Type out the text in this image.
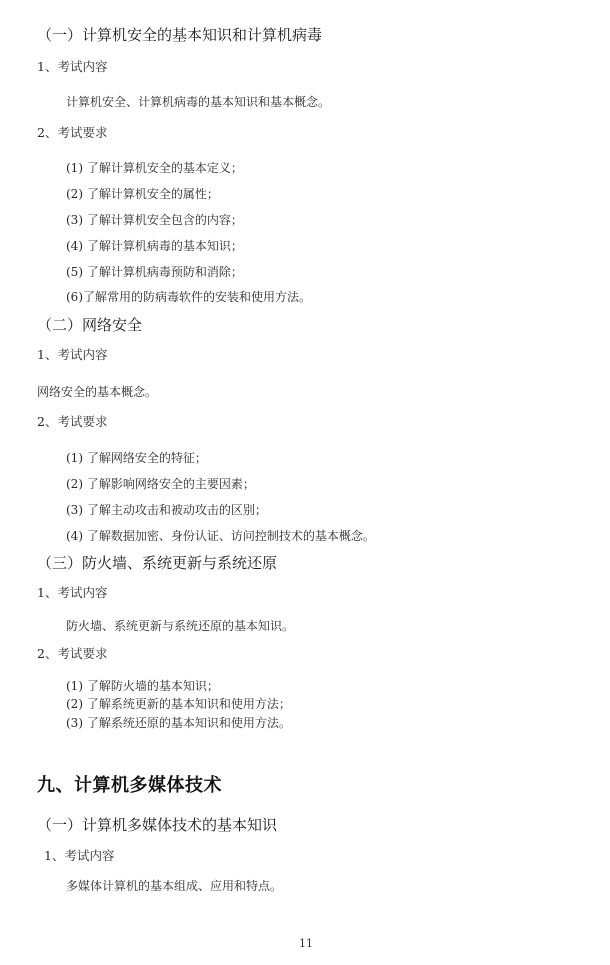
（一）计算机安全的基本知识和计算机病毒
1、考试内容
计算机安全、计算机病毒的基本知识和基本概念。
2、考试要求
(1) 了解计算机安全的基本定义；
(2) 了解计算机安全的属性；
(3) 了解计算机安全包含的内容；
(4) 了解计算机病毒的基本知识；
(5) 了解计算机病毒预防和消除；
(6)了解常用的防病毒软件的安装和使用方法。
（二）网络安全
1、考试内容
网络安全的基本概念。
2、考试要求
(1) 了解网络安全的特征；
(2) 了解影响网络安全的主要因素；
(3) 了解主动攻击和被动攻击的区别；
(4) 了解数据加密、身份认证、访问控制技术的基本概念。
（三）防火墙、系统更新与系统还原
1、考试内容
防火墙、系统更新与系统还原的基本知识。
2、考试要求
(1) 了解防火墙的基本知识；
(2) 了解系统更新的基本知识和使用方法；
(3) 了解系统还原的基本知识和使用方法。
九、计算机多媒体技术
（一）计算机多媒体技术的基本知识
1、考试内容
多媒体计算机的基本组成、应用和特点。
11
